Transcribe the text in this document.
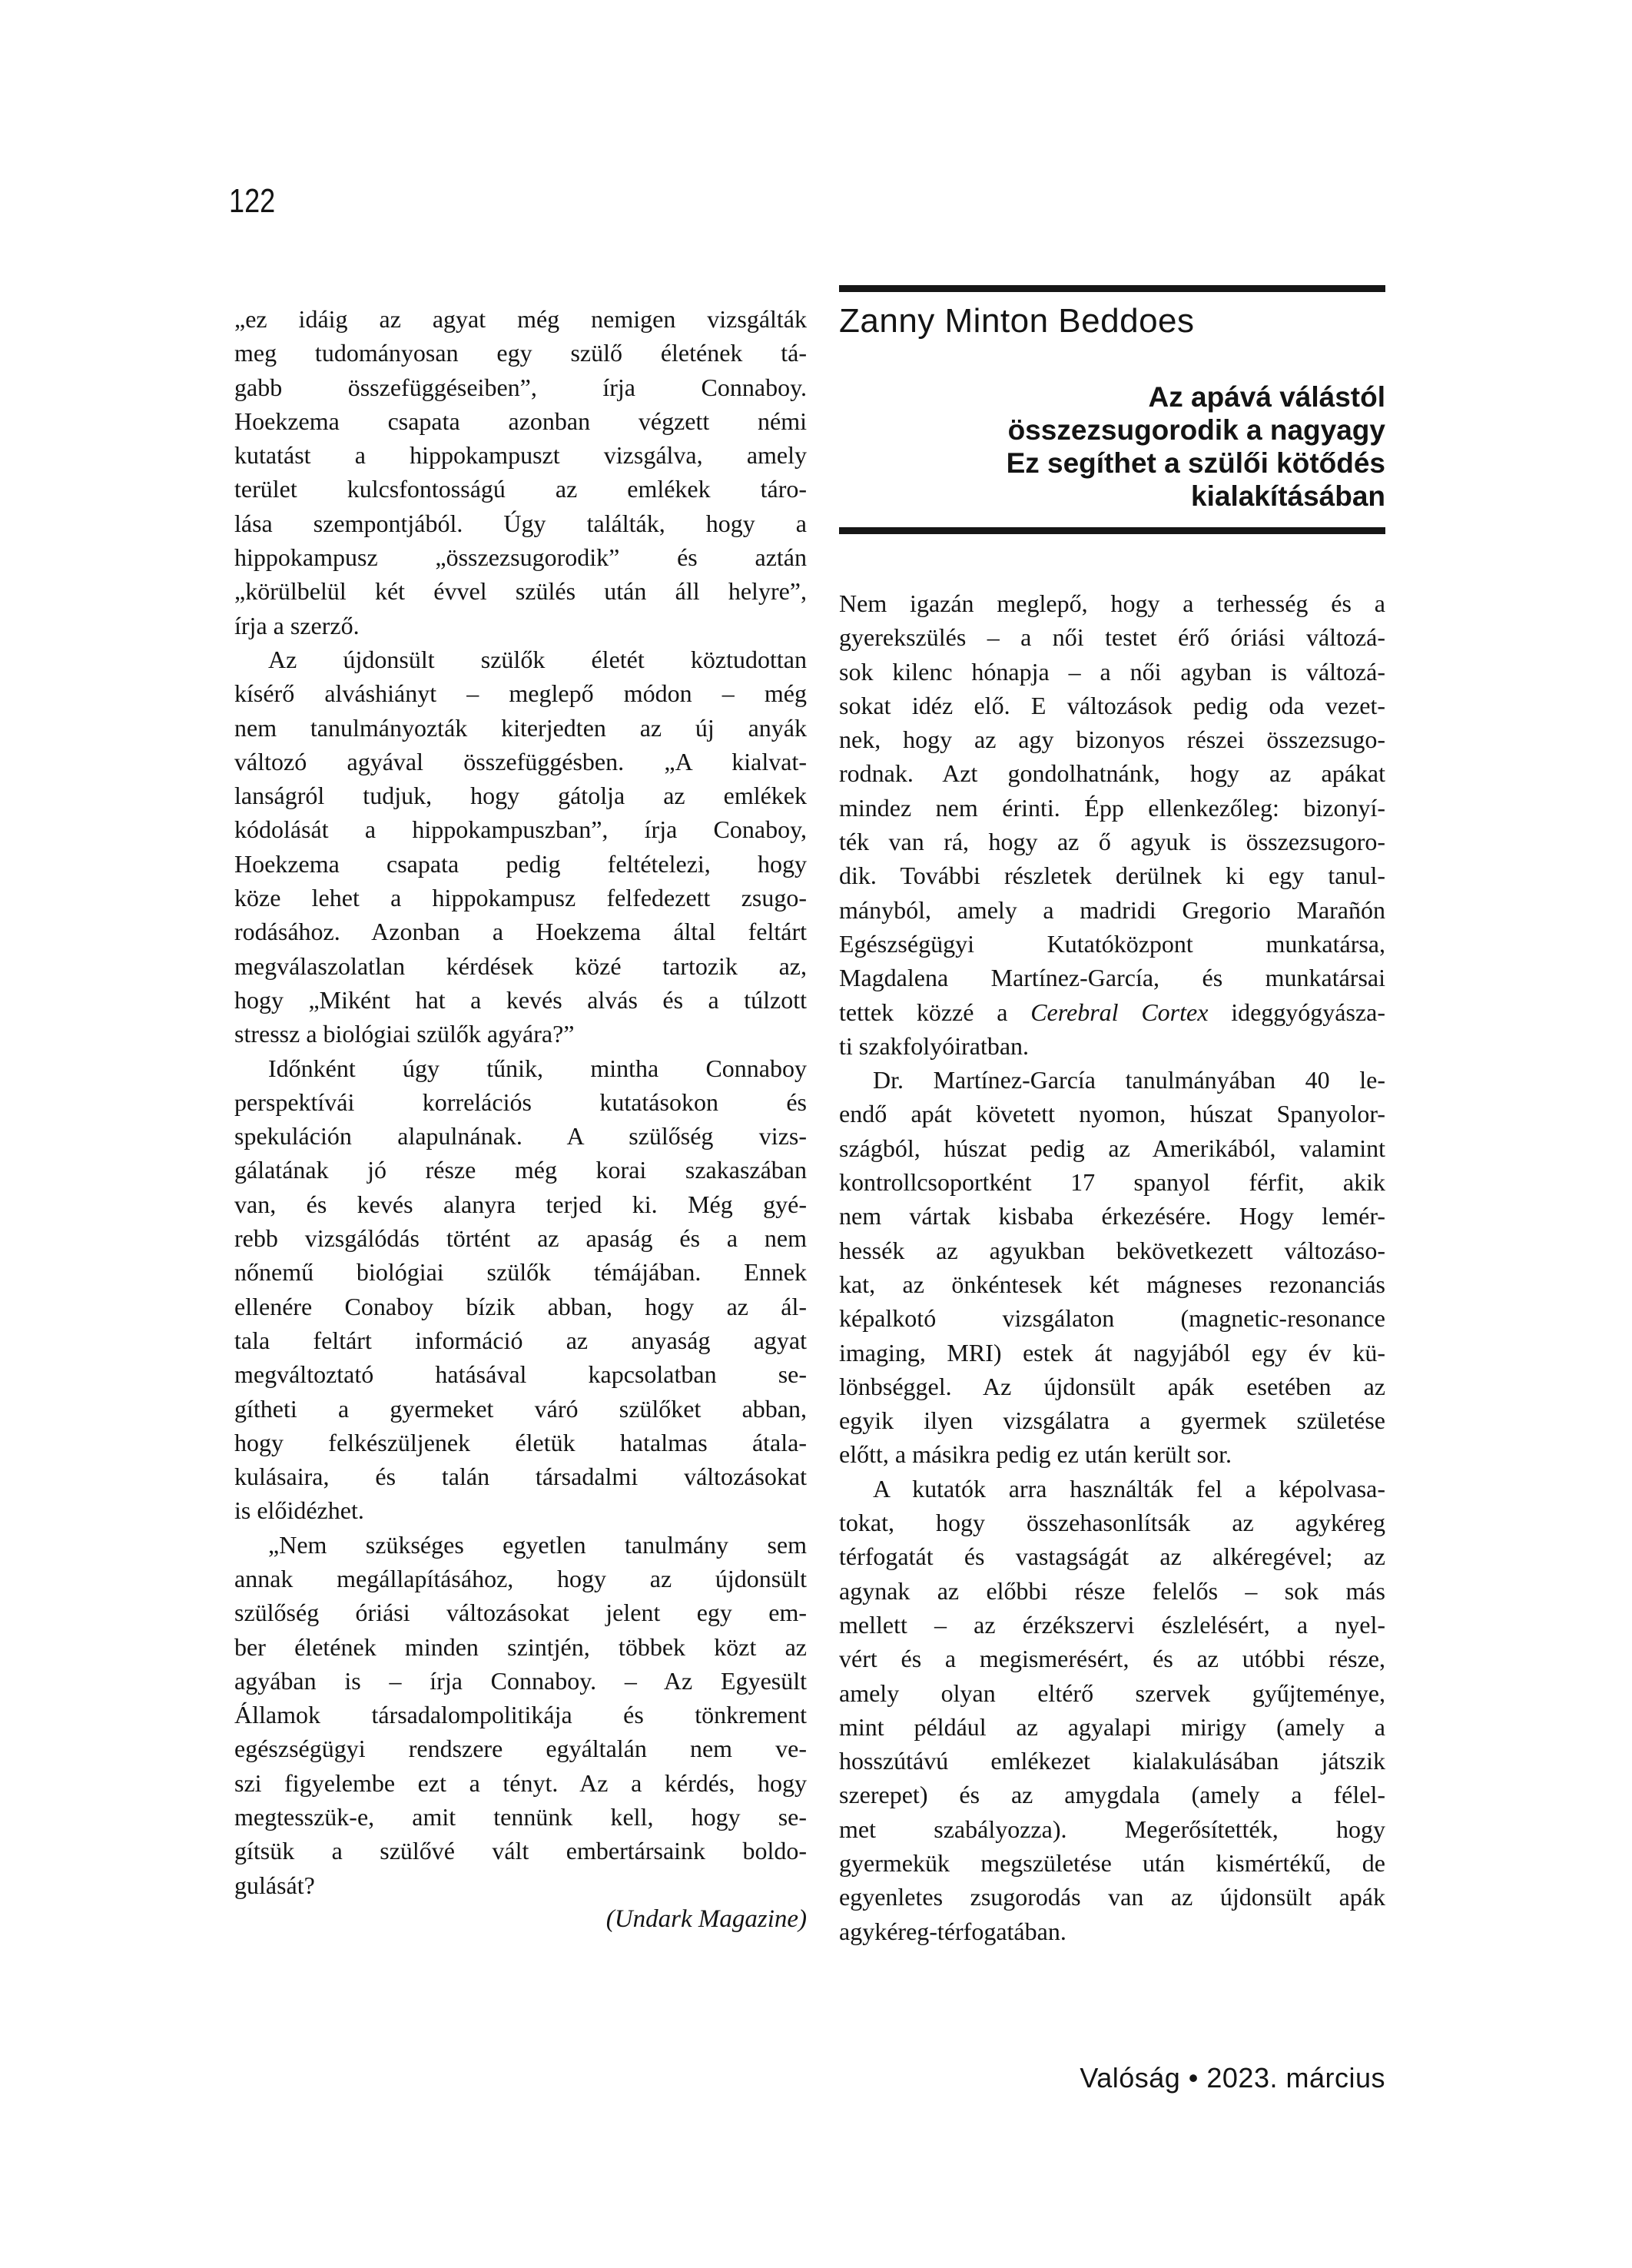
122
„ez idáig az agyat még nemigen vizsgálták
meg tudományosan egy szülő életének tá-
gabb összefüggéseiben”, írja Connaboy.
Hoekzema csapata azonban végzett némi
kutatást a hippokampuszt vizsgálva, amely
terület kulcsfontosságú az emlékek táro-
lása szempontjából. Úgy találták, hogy a
hippokampusz „összezsugorodik” és aztán
„körülbelül két évvel szülés után áll helyre”,
írja a szerző.
Az újdonsült szülők életét köztudottan
kísérő alváshiányt – meglepő módon – még
nem tanulmányozták kiterjedten az új anyák
változó agyával összefüggésben. „A kialvat-
lanságról tudjuk, hogy gátolja az emlékek
kódolását a hippokampuszban”, írja Conaboy,
Hoekzema csapata pedig feltételezi, hogy
köze lehet a hippokampusz felfedezett zsugo-
rodásához. Azonban a Hoekzema által feltárt
megválaszolatlan kérdések közé tartozik az,
hogy „Miként hat a kevés alvás és a túlzott
stressz a biológiai szülők agyára?”
Időnként úgy tűnik, mintha Connaboy
perspektívái korrelációs kutatásokon és
spekuláción alapulnának. A szülőség vizs-
gálatának jó része még korai szakaszában
van, és kevés alanyra terjed ki. Még gyé-
rebb vizsgálódás történt az apaság és a nem
nőnemű biológiai szülők témájában. Ennek
ellenére Conaboy bízik abban, hogy az ál-
tala feltárt információ az anyaság agyat
megváltoztató hatásával kapcsolatban se-
gítheti a gyermeket váró szülőket abban,
hogy felkészüljenek életük hatalmas átala-
kulásaira, és talán társadalmi változásokat
is előidézhet.
„Nem szükséges egyetlen tanulmány sem
annak megállapításához, hogy az újdonsült
szülőség óriási változásokat jelent egy em-
ber életének minden szintjén, többek közt az
agyában is – írja Connaboy. – Az Egyesült
Államok társadalompolitikája és tönkrement
egészségügyi rendszere egyáltalán nem ve-
szi figyelembe ezt a tényt. Az a kérdés, hogy
megtesszük-e, amit tennünk kell, hogy se-
gítsük a szülővé vált embertársaink boldo-
gulását?
(Undark Magazine)
Zanny Minton Beddoes
Az apává válástól
összezsugorodik a nagyagy
Ez segíthet a szülői kötődés
kialakításában
Nem igazán meglepő, hogy a terhesség és a
gyerekszülés – a női testet érő óriási változá-
sok kilenc hónapja – a női agyban is változá-
sokat idéz elő. E változások pedig oda vezet-
nek, hogy az agy bizonyos részei összezsugo-
rodnak. Azt gondolhatnánk, hogy az apákat
mindez nem érinti. Épp ellenkezőleg: bizonyí-
ték van rá, hogy az ő agyuk is összezsugoro-
dik. További részletek derülnek ki egy tanul-
mányból, amely a madridi Gregorio Marañón
Egészségügyi Kutatóközpont munkatársa,
Magdalena Martínez-García, és munkatársai
tettek közzé a Cerebral Cortex ideggyógyásza-
ti szakfolyóiratban.
Dr. Martínez-García tanulmányában 40 le-
endő apát követett nyomon, húszat Spanyolor-
szágból, húszat pedig az Amerikából, valamint
kontrollcsoportként 17 spanyol férfit, akik
nem vártak kisbaba érkezésére. Hogy lemér-
hessék az agyukban bekövetkezett változáso-
kat, az önkéntesek két mágneses rezonanciás
képalkotó vizsgálaton (magnetic-resonance
imaging, MRI) estek át nagyjából egy év kü-
lönbséggel. Az újdonsült apák esetében az
egyik ilyen vizsgálatra a gyermek születése
előtt, a másikra pedig ez után került sor.
A kutatók arra használták fel a képolvasa-
tokat, hogy összehasonlítsák az agykéreg
térfogatát és vastagságát az alkéregével; az
agynak az előbbi része felelős – sok más
mellett – az érzékszervi észlelésért, a nyel-
vért és a megismerésért, és az utóbbi része,
amely olyan eltérő szervek gyűjteménye,
mint például az agyalapi mirigy (amely a
hosszútávú emlékezet kialakulásában játszik
szerepet) és az amygdala (amely a félel-
met szabályozza). Megerősítették, hogy
gyermekük megszületése után kismértékű, de
egyenletes zsugorodás van az újdonsült apák
agykéreg-térfogatában.
Valóság • 2023. március
